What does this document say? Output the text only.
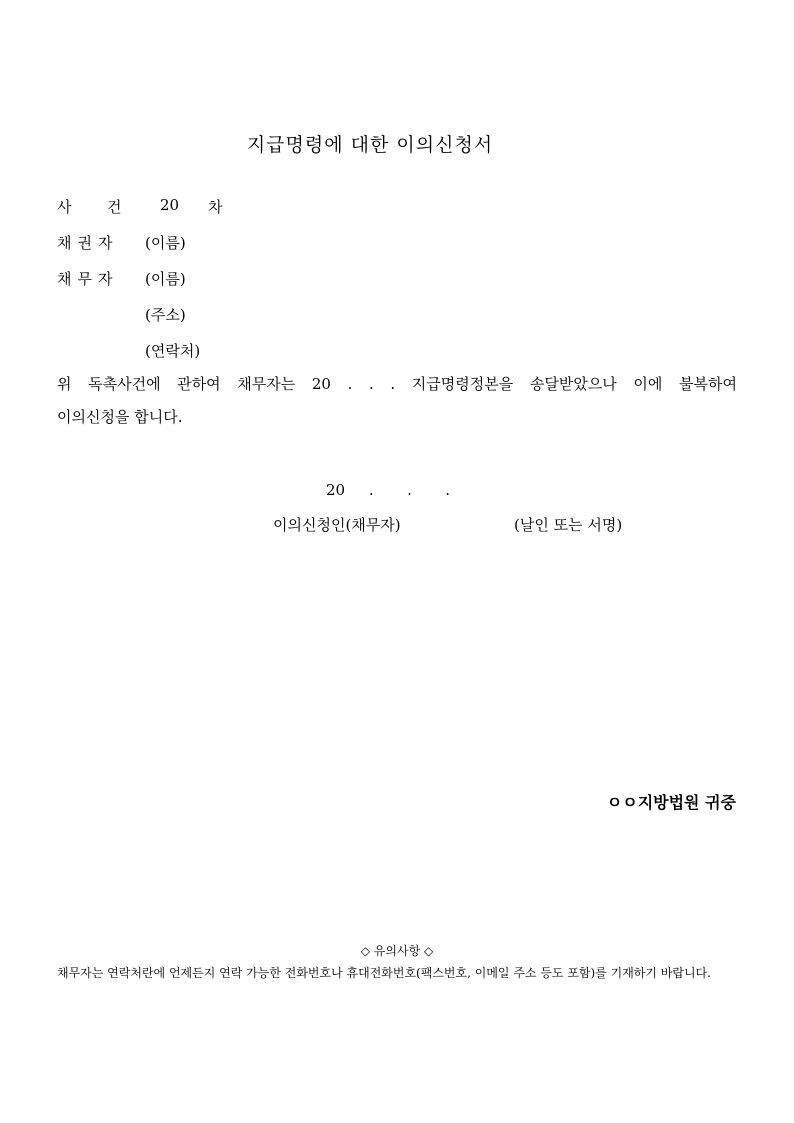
지급명령에 대한 이의신청서
사 건	20 차
채권자 (이름)
채무자 (이름)
(주소)
(연락처)
위 독촉사건에 관하여 채무자는 20 . . . 지급명령정본을 송달받았으나 이에 불복하여
이의신청을 합니다.
20     .       .       .
이의신청인(채무자)	(날인 또는 서명)
ㅇㅇ지방법원 귀중
◇ 유의사항 ◇
채무자는 연락처란에 언제든지 연락 가능한 전화번호나 휴대전화번호(팩스번호, 이메일 주소 등도 포함)를 기재하기 바랍니다.
